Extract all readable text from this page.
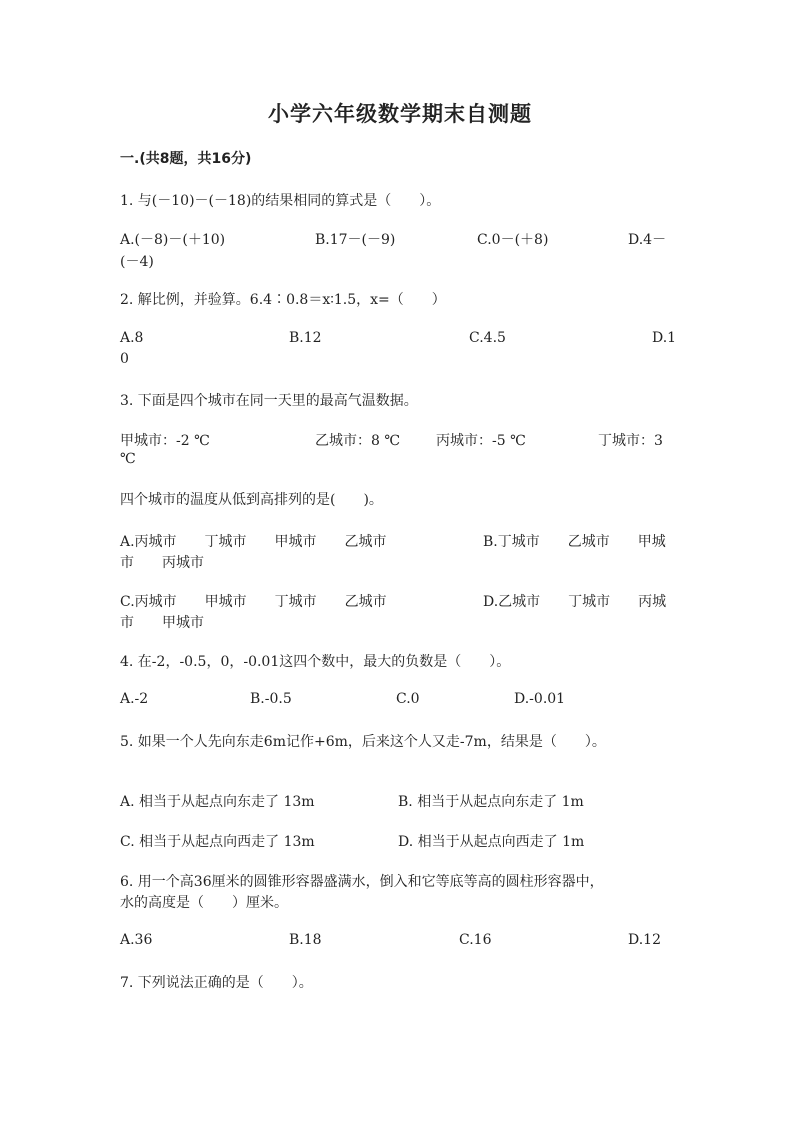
小学六年级数学期末自测题
一.(共8题，共16分)
1. 与(－10)－(－18)的结果相同的算式是（　　）。
A.(－8)－(＋10)	B.17－(－9)	C.0－(＋8)	D.4－
(－4)
2. 解比例，并验算。6.4∶0.8＝x∶1.5，x=（　　）
A.8	B.12	C.4.5	D.1
0
3. 下面是四个城市在同一天里的最高气温数据。
甲城市：-2 ℃	乙城市：8 ℃	丙城市：-5 ℃	丁城市：3
℃
四个城市的温度从低到高排列的是(　　)。
A.丙城市　　丁城市　　甲城市　　乙城市	B.丁城市　　乙城市　　甲城
市　　丙城市
C.丙城市　　甲城市　　丁城市　　乙城市	D.乙城市　　丁城市　　丙城
市　　甲城市
4. 在-2，-0.5，0，-0.01这四个数中，最大的负数是（　　）。
A.-2	B.-0.5	C.0	D.-0.01
5. 如果一个人先向东走6m记作+6m，后来这个人又走-7m，结果是（　　）。
A. 相当于从起点向东走了 13m	B. 相当于从起点向东走了 1m
C. 相当于从起点向西走了 13m	D. 相当于从起点向西走了 1m
6. 用一个高36厘米的圆锥形容器盛满水，倒入和它等底等高的圆柱形容器中，
水的高度是（　　）厘米。
A.36	B.18	C.16	D.12
7. 下列说法正确的是（　　）。
